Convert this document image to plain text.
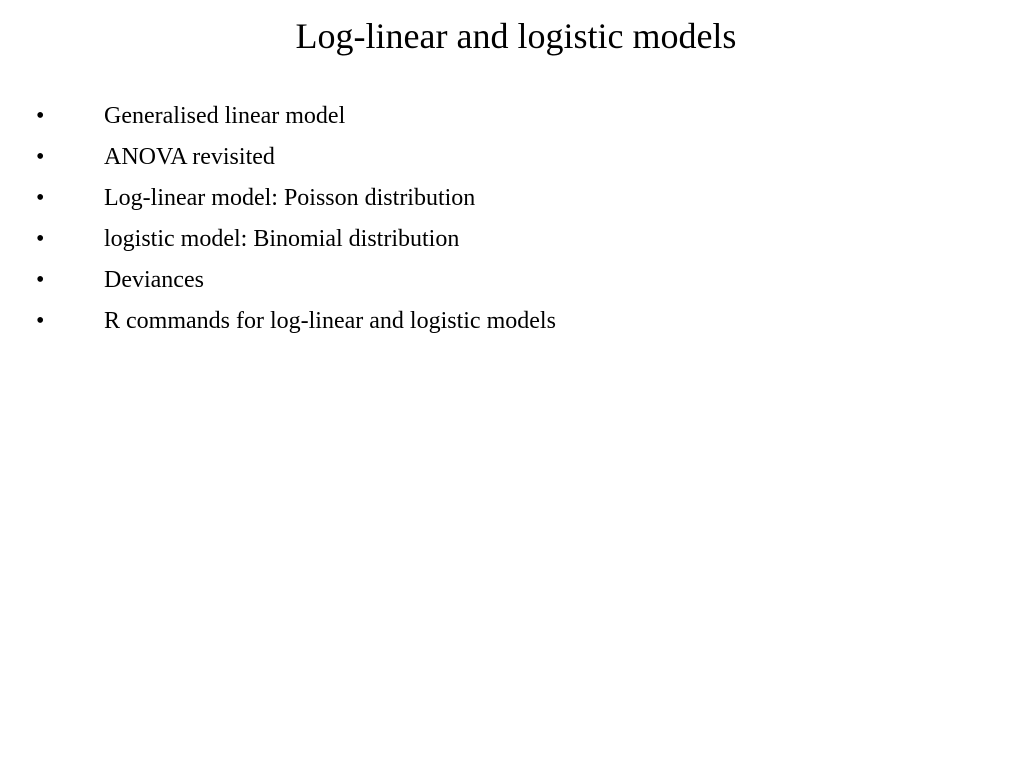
Log-linear and logistic models
•	Generalised linear model
•	ANOVA revisited
•	Log-linear model: Poisson distribution
•	logistic model: Binomial distribution
•	Deviances
•	R commands for log-linear and logistic models
